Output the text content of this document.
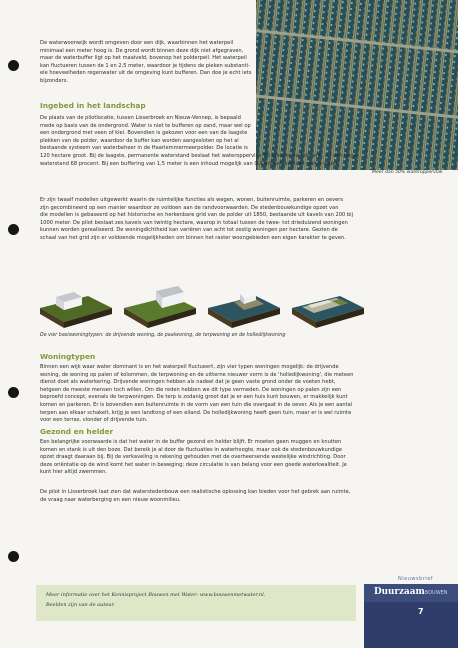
Meer dan 50% wateroppervlak

De waterwoonwijk wordt omgeven door een dijk, waarbinnen het waterpeil

minimaal een meter hoog is. De grond wordt binnen deze dijk niet afgegraven,

maar de waterbuffer ligt op het maaiveld, bovenop het polderpeil. Het waterpeil

kan fluctueren tussen de 1 en 2,5 meter, waardoor je tijdens de pieken substanti-

ele hoeveelheden regenwater uit de omgeving kunt bufferen. Dan doe je echt iets

bijzonders.

Ingebed in het landschap

De plaats van de pilotlocatie, tussen Lisserbroek en Nieuw-Vennep, is bepaald

mede op basis van de ondergrond. Water is niet te bufferen op zand, maar wel op

een ondergrond met veen of klei. Bovendien is gekozen voor een van de laagste

plekken van de polder, waardoor de buffer kan worden aangesloten op het al

bestaande systeem van waterbeheer in de Haarlemmermeerpolder. De locatie is

120 hectare groot. Bij de laagste, permanente waterstand beslaat het wateroppervlak 56 procent van de wijk, bij een hoge

waterstand 68 procent. Bij een buffering van 1,5 meter is een inhoud mogelijk van 0,9 miljoen kubieke meter water.

Er zijn twaalf modellen uitgewerkt waarin de ruimtelijke functies als wegen, wonen, buitenruimte, parkeren en oevers

zijn gecombineerd op een manier waardoor ze voldoen aan de randvoorwaarden. De stedenbouwkundige opzet van

die modellen is gebaseerd op het historische en herkenbare grid van de polder uit 1850, bestaande uit kavels van 200 bij

1000 meter. De pilot beslaat zes kavels van twintig hectare, waarop in totaal tussen de twee- tot drieduizend woningen

kunnen worden gerealiseerd. De woningdichtheid kan variëren van acht tot zestig woningen per hectare. Gezien de

schaal van het grid zijn er voldoende mogelijkheden om binnen het raster woongebieden een eigen karakter te geven.

De vier basiswoningtypen: de drijvende woning, de paalwoning, de terpwoning en de hollediijkwoning
Woningtypen

Binnen een wijk waar water dominant is en het waterpeil fluctueert, zijn vier typen woningen mogelijk: de drijvende

woning, de woning op palen of kolommen, de terpwoning en de uitterne nieuwer vorm is de 'holledijkwoning', die meteen

dienst doet als waterkering. Drijvende woningen hebben als nadeel dat je geen vaste grond onder de voeten hebt,

hetgeen de meeste mensen toch willen. Om die reden hebben we dit type vermeden. De woningen op palen zijn een

beproefd concept, evenals de terpwoningen. De terp is zodanig groot dat je er een huis kunt bouwen, er makkelijk kunt

komen en parkeren. Er is bovendien een buitenruimte in de vorm van een tuin die overgaat in de oever. Als je een aantal

terpen aan elkaar schakelt, krijg je een landtong of een eiland. De holledijkwoning heeft geen tuin, maar er is wel ruimte

voor een terras, vlonder of drijvende tuin.

Gezond en helder

Een belangrijke voorwaarde is dat het water in de buffer gezond en helder blijft. Er moeten geen muggen en knutten

komen en stank is uit den boze. Dat bereik je al door de fluctuaties in waterhoogte, maar ook de stedenbouwkundige

opzet draagt daaraan bij. Bij de verkaveling is rekening gehouden met de overheersende westelijke windrichting. Door

deze oriëntatie op de wind komt het water in beweging; deze circulatie is van belang voor een goede waterkwaliteit. Je

kunt hier altijd zwemmen.

De pilot in Lisserbroek laat zien dat waterstedenbouw een realistische oplossing kan bieden voor het gebrek aan ruimte,

de vraag naar waterberging en een nieuw woonmilieu.

Meer informatie over het Kennisproject Bouwen met Water: www.bouwenmetwater.nl.
Beelden zijn van de auteur.
Nieuwsbrief
DuurzaamBOUWEN
7
